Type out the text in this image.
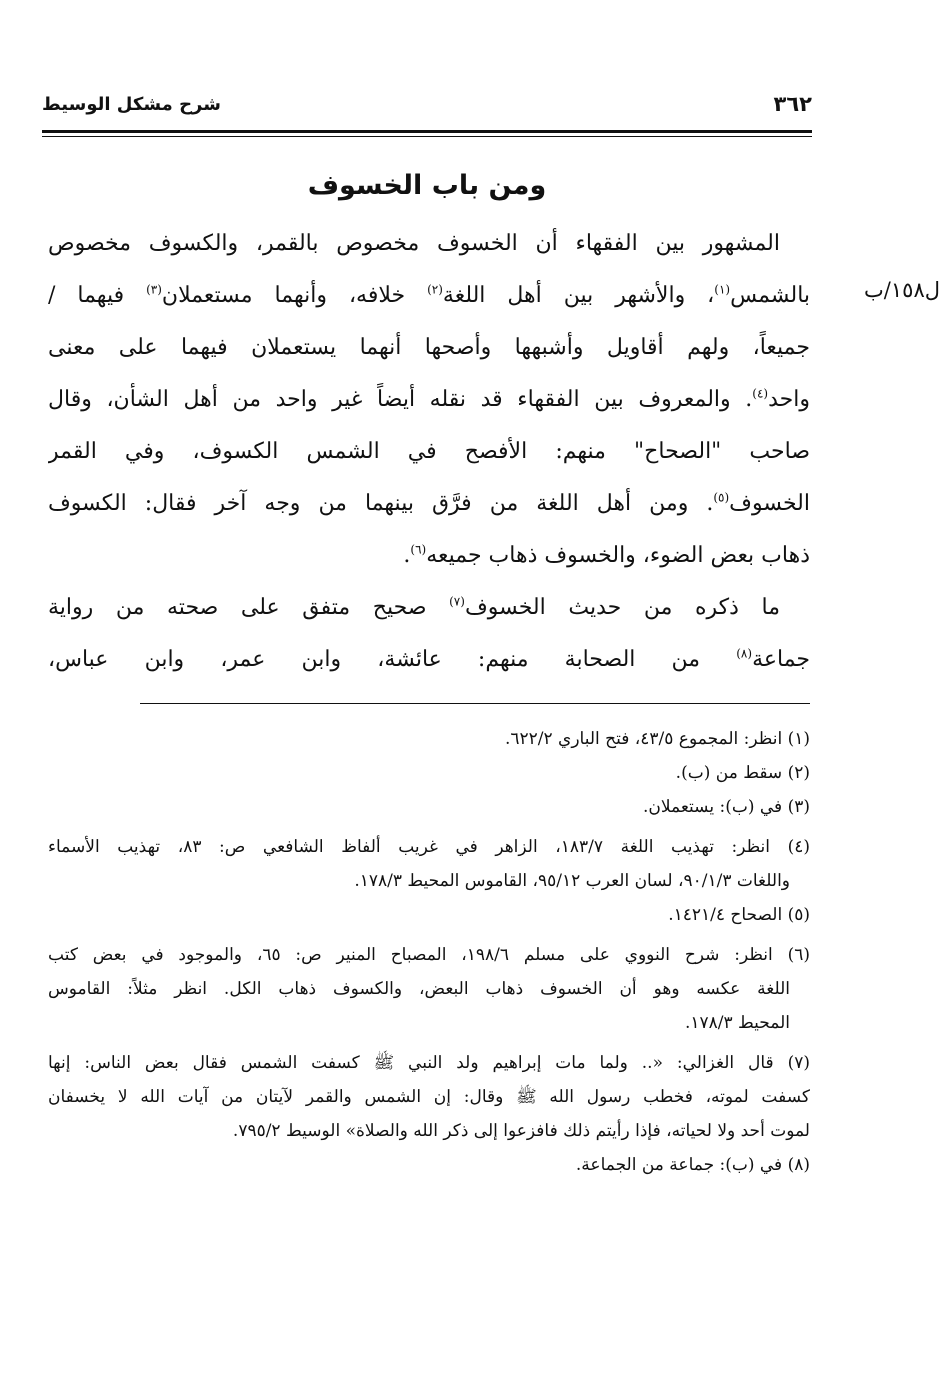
٣٦٢
شرح مشكل الوسيط
ومن باب الخسوف
ل١٥٨/ب
المشهور بين الفقهاء أن الخسوف مخصوص بالقمر، والكسوف مخصوص
بالشمس$^{(١)}$، والأشهر بين أهل اللغة$^{(٢)}$ خلافه، وأنهما مستعملان$^{(٣)}$ فيهما /
جميعاً، ولهم أقاويل وأشبهها وأصحها أنهما يستعملان فيهما على معنى
واحد$^{(٤)}$. والمعروف بين الفقهاء قد نقله أيضاً غير واحد من أهل الشأن، وقال
صاحب "الصحاح" منهم: الأفصح في الشمس الكسوف، وفي القمر
الخسوف$^{(٥)}$. ومن أهل اللغة من فرَّق بينهما من وجه آخر فقال: الكسوف
ذهاب بعض الضوء، والخسوف ذهاب جميعه$^{(٦)}$.
ما ذكره من حديث الخسوف$^{(٧)}$ صحيح متفق على صحته من رواية
جماعة$^{(٨)}$ من الصحابة منهم: عائشة، وابن عمر، وابن عباس،
(١) انظر: المجموع ٤٣/٥، فتح الباري ٦٢٢/٢.
(٢) سقط من (ب).
(٣) في (ب): يستعملان.
(٤) انظر: تهذيب اللغة ١٨٣/٧، الزاهر في غريب ألفاظ الشافعي ص: ٨٣، تهذيب الأسماء
واللغات ٩٠/١/٣، لسان العرب ٩٥/١٢، القاموس المحيط ١٧٨/٣.
(٥) الصحاح ١٤٢١/٤.
(٦) انظر: شرح النووي على مسلم ١٩٨/٦، المصباح المنير ص: ٦٥، والموجود في بعض كتب
اللغة عكسه وهو أن الخسوف ذهاب البعض، والكسوف ذهاب الكل. انظر مثلاً: القاموس
المحيط ١٧٨/٣.
(٧) قال الغزالي: «.. ولما مات إبراهيم ولد النبي ﷺ كسفت الشمس فقال بعض الناس: إنها
كسفت لموته، فخطب رسول الله ﷺ وقال: إن الشمس والقمر لآيتان من آيات الله لا يخسفان
لموت أحد ولا لحياته، فإذا رأيتم ذلك فافزعوا إلى ذكر الله والصلاة» الوسيط ٧٩٥/٢.
(٨) في (ب): جماعة من الجماعة.
